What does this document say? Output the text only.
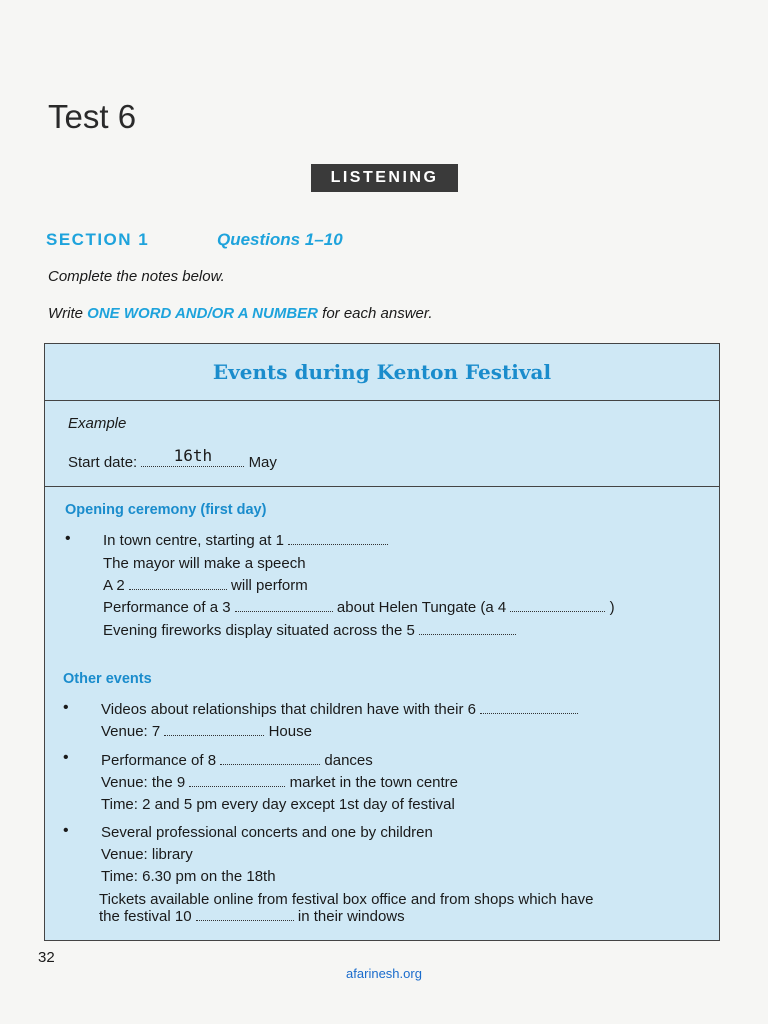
Test 6
LISTENING
SECTION 1	Questions 1–10
Complete the notes below.
Write ONE WORD AND/OR A NUMBER for each answer.
Events during Kenton Festival
Example
Start date:	16th	May
Opening ceremony (first day)
• In town centre, starting at 1
The mayor will make a speech
A 2	will perform
Performance of a 3	about Helen Tungate (a 4	)
Evening fireworks display situated across the 5
Other events
• Videos about relationships that children have with their 6
Venue: 7	House
• Performance of 8	dances
Venue: the 9	market in the town centre
Time: 2 and 5 pm every day except 1st day of festival
• Several professional concerts and one by children
Venue: library
Time: 6.30 pm on the 18th
Tickets available online from festival box office and from shops which have
the festival 10	in their windows
32
afarinesh.org
